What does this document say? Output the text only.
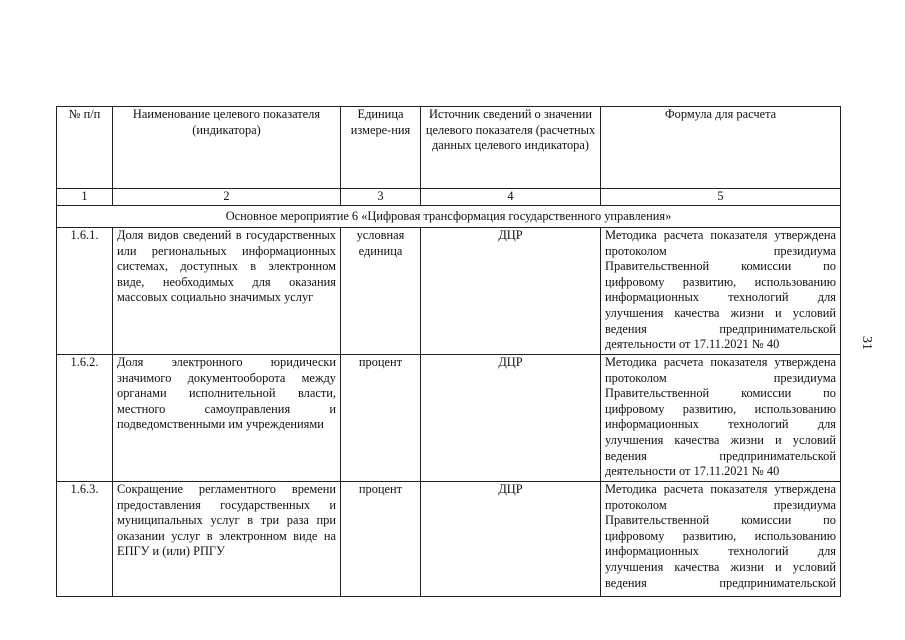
№ п/п	Наименование целевого показателя (индикатора)	Единица измере-ния	Источник сведений о значении целевого показателя (расчетных данных целевого индикатора)	Формула для расчета
1	2	3	4	5
Основное мероприятие 6 «Цифровая трансформация государственного управления»				
1.6.1.	Доля видов сведений в государственных или региональных информационных системах, доступных в электронном виде, необходимых для оказания массовых социально значимых услуг	условная единица	ДЦР	Методика расчета показателя утверждена протоколом президиума Правительственной комиссии по цифровому развитию, использованию информационных технологий для улучшения качества жизни и условий ведения предпринимательской деятельности от 17.11.2021 № 40

1.6.2.	Доля электронного юридически значимого документооборота между органами исполнительной власти, местного самоуправления и подведомственными им учреждениями	процент	ДЦР	Методика расчета показателя утверждена протоколом президиума Правительственной комиссии по цифровому развитию, использованию информационных технологий для улучшения качества жизни и условий ведения предпринимательской деятельности от 17.11.2021 № 40

1.6.3.	Сокращение регламентного времени предоставления государственных и муниципальных услуг в три раза при оказании услуг в электронном виде на ЕПГУ и (или) РПГУ	процент	ДЦР	Методика расчета показателя утверждена протоколом президиума Правительственной комиссии по цифровому развитию, использованию информационных технологий для улучшения качества жизни и условий ведения предпринимательской
31
